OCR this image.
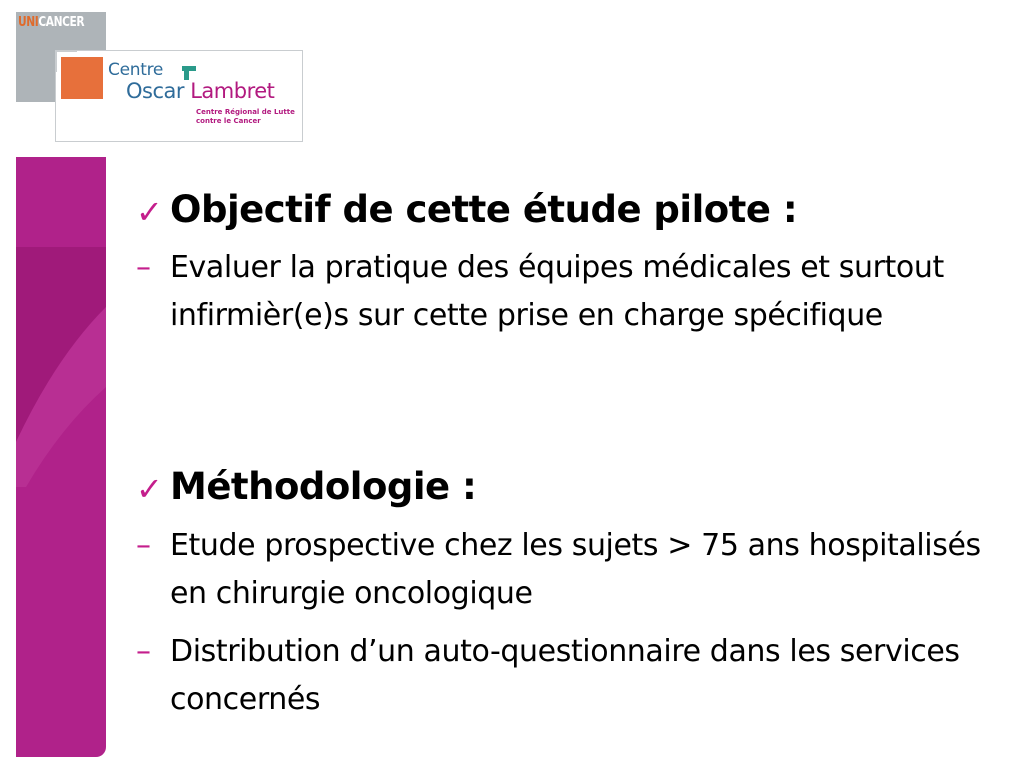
UNICANCER
Centre
Oscar Lambret
Centre Régional de Lutte
contre le Cancer
✓ Objectif de cette étude pilote :
– Evaluer la pratique des équipes médicales et surtout infirmièr(e)s sur cette prise en charge spécifique
✓ Méthodologie :
– Etude prospective chez les sujets > 75 ans hospitalisés en chirurgie oncologique
– Distribution d’un auto-questionnaire dans les services concernés
